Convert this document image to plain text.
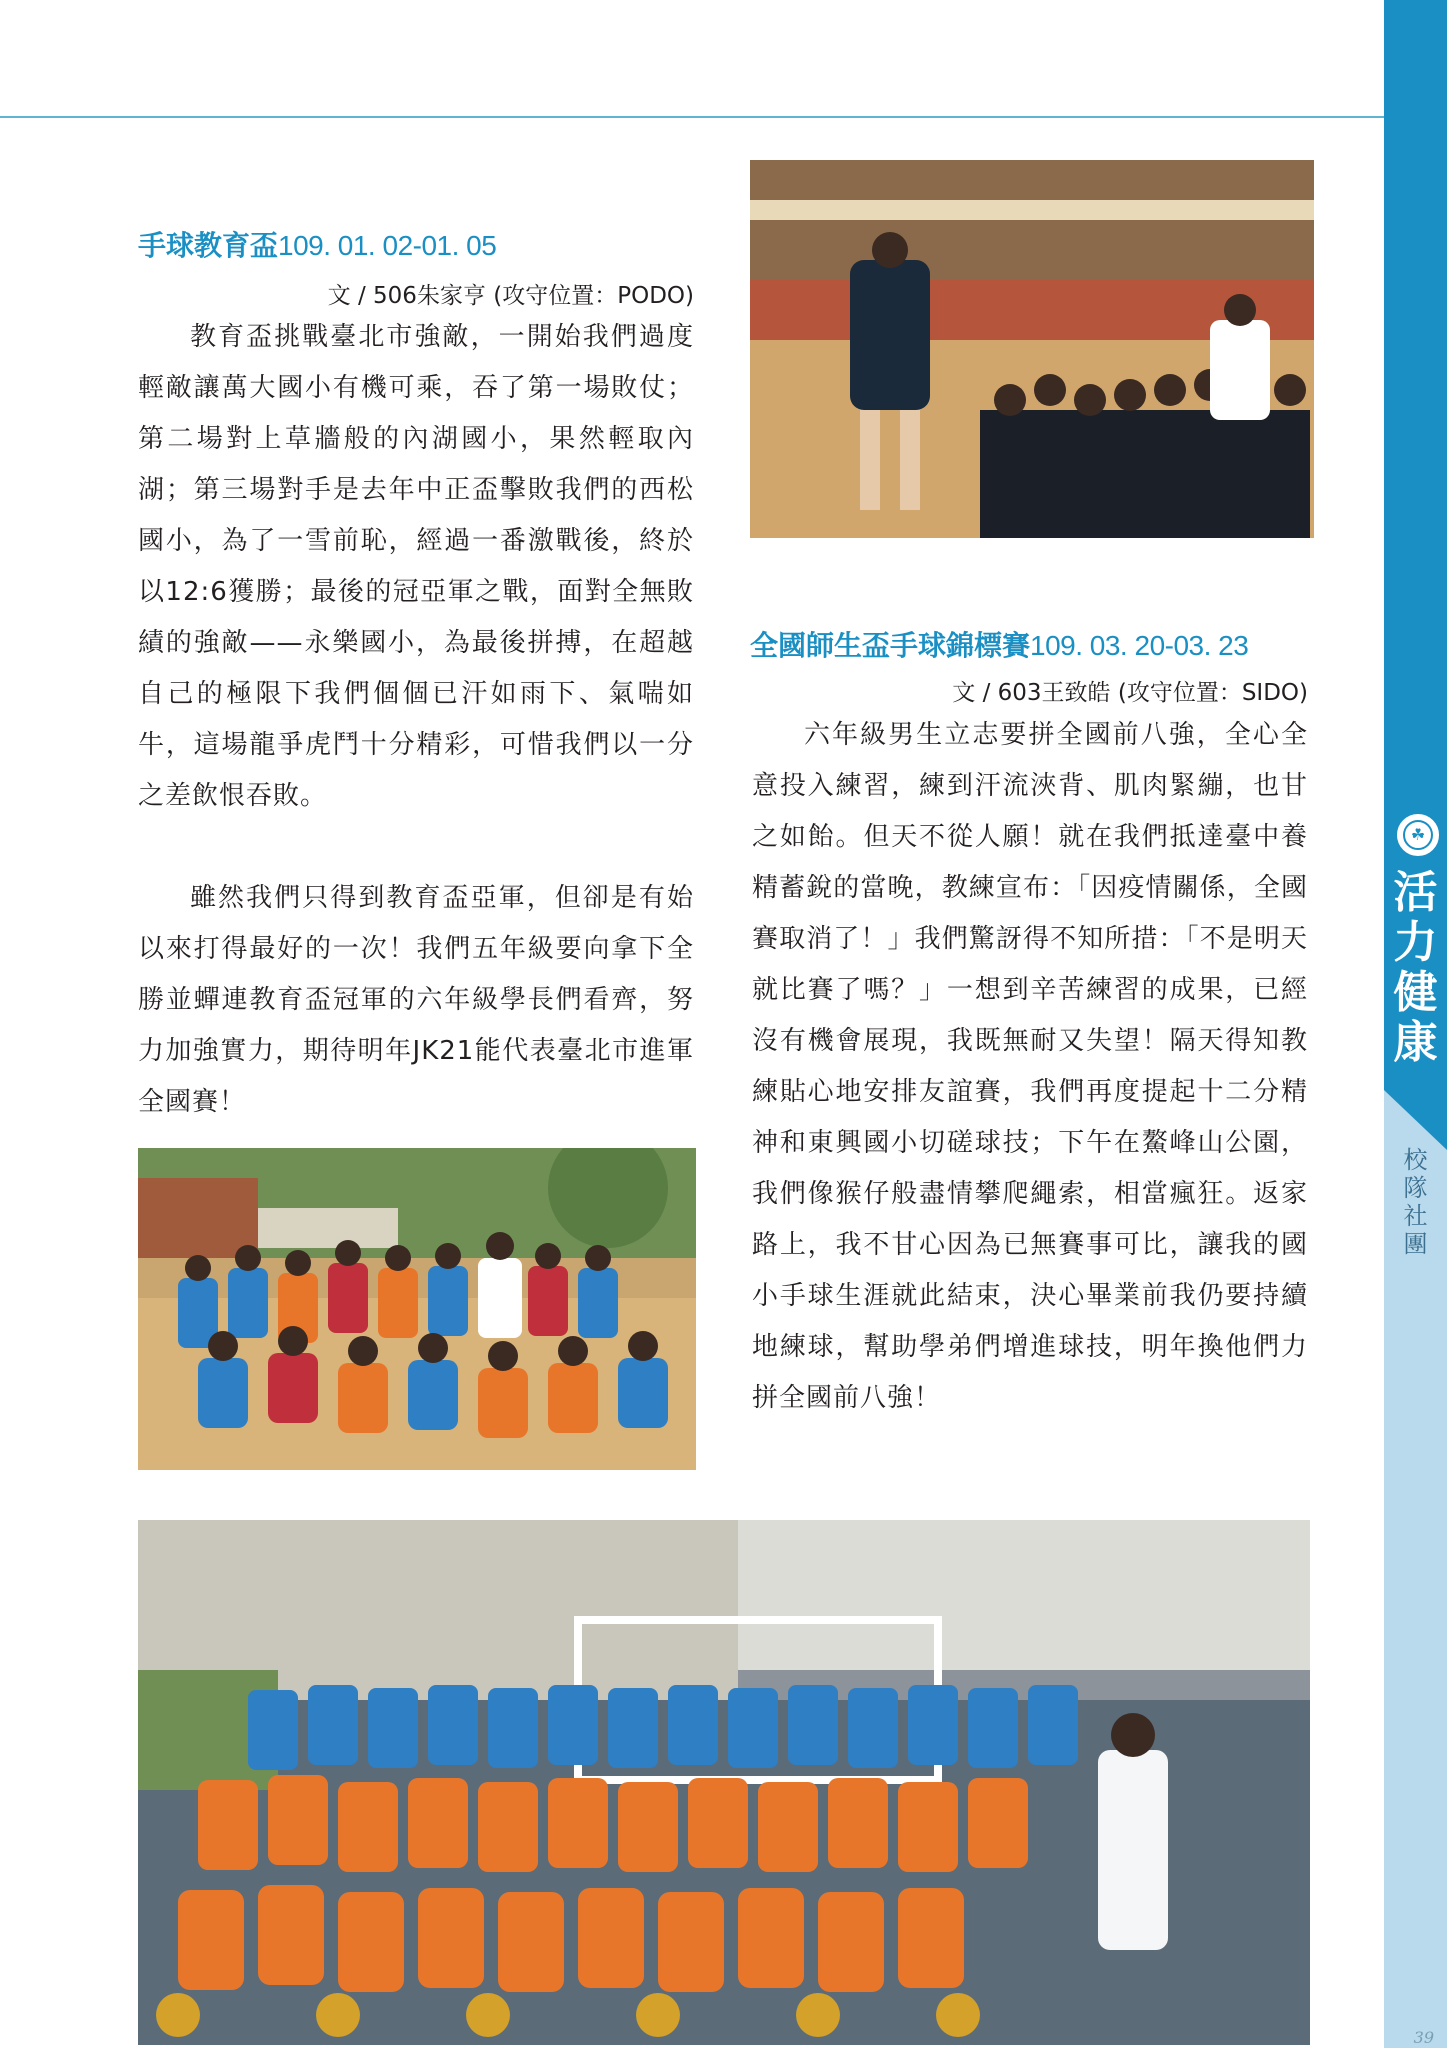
☘
活
力
健
康
校
隊
社
團
39
手球教育盃109. 01. 02-01. 05
文 / 506朱家亨 (攻守位置：PODO)

教育盃挑戰臺北市強敵，一開始我們過度輕敵讓萬大國小有機可乘，吞了第一場敗仗；第二場對上草牆般的內湖國小，果然輕取內湖；第三場對手是去年中正盃擊敗我們的西松國小，為了一雪前恥，經過一番激戰後，終於以12:6獲勝；最後的冠亞軍之戰，面對全無敗績的強敵——永樂國小，為最後拼搏，在超越自己的極限下我們個個已汗如雨下、氣喘如牛，這場龍爭虎鬥十分精彩，可惜我們以一分之差飲恨吞敗。

雖然我們只得到教育盃亞軍，但卻是有始以來打得最好的一次！我們五年級要向拿下全勝並蟬連教育盃冠軍的六年級學長們看齊，努力加強實力，期待明年JK21能代表臺北市進軍全國賽！

全國師生盃手球錦標賽109. 03. 20-03. 23
文 / 603王致皓 (攻守位置：SIDO)

六年級男生立志要拼全國前八強，全心全意投入練習，練到汗流浹背、肌肉緊繃，也甘之如飴。但天不從人願！就在我們抵達臺中養精蓄銳的當晚，教練宣布：「因疫情關係，全國賽取消了！」我們驚訝得不知所措：「不是明天就比賽了嗎？」一想到辛苦練習的成果，已經沒有機會展現，我既無耐又失望！隔天得知教練貼心地安排友誼賽，我們再度提起十二分精神和東興國小切磋球技；下午在鰲峰山公園，我們像猴仔般盡情攀爬繩索，相當瘋狂。返家路上，我不甘心因為已無賽事可比，讓我的國小手球生涯就此結束，決心畢業前我仍要持續地練球，幫助學弟們增進球技，明年換他們力拼全國前八強！
